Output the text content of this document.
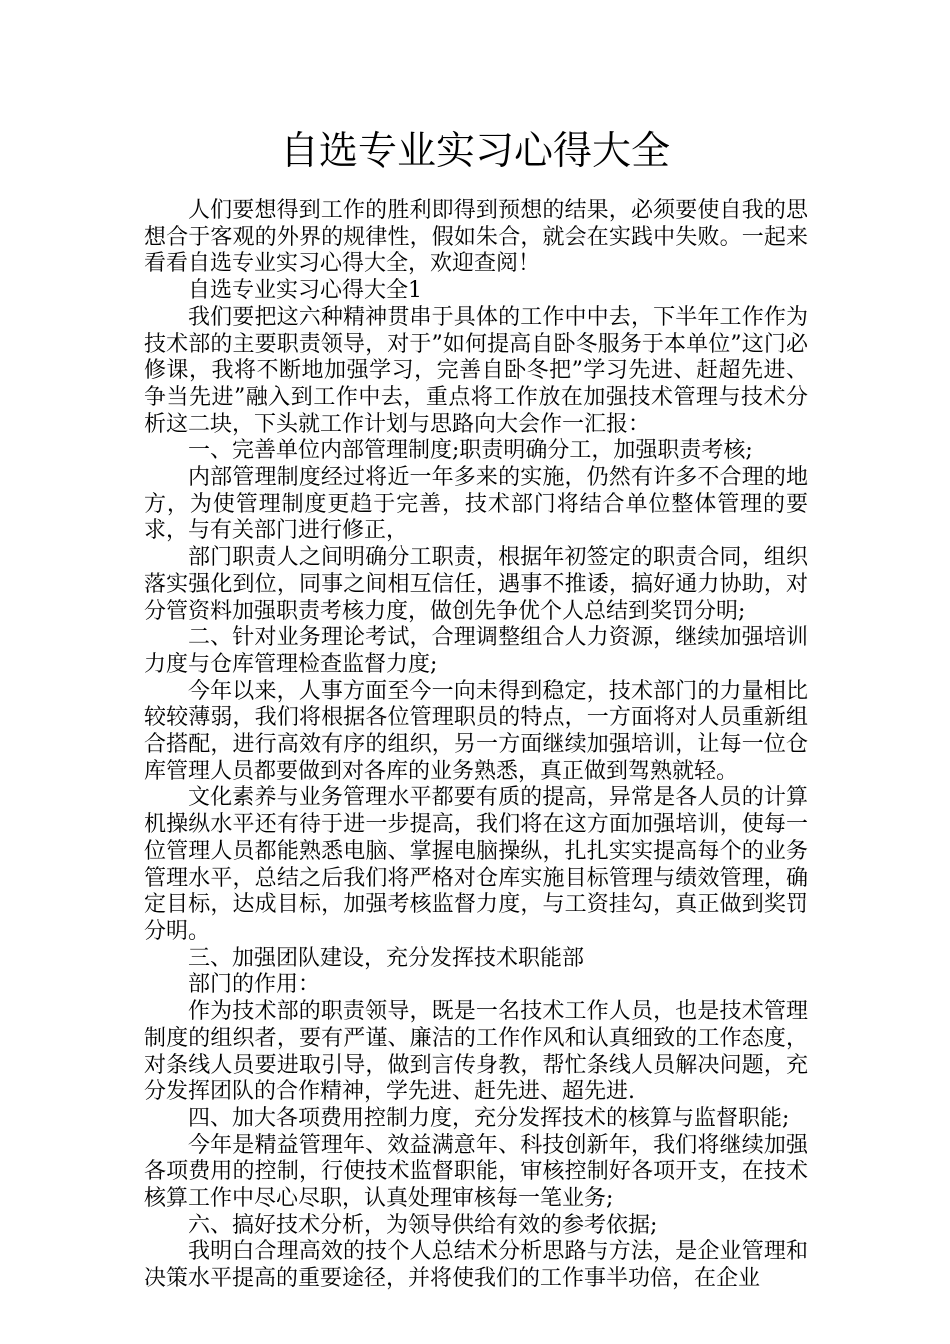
自选专业实习心得大全

人们要想得到工作的胜利即得到预想的结果，必须要使自我的思想合于客观的外界的规律性，假如朱合，就会在实践中失败。一起来看看自选专业实习心得大全，欢迎查阅！

自选专业实习心得大全1

我们要把这六种精神贯串于具体的工作中中去，下半年工作作为技术部的主要职责领导，对于”如何提高自卧冬服务于本单位”这门必修课，我将不断地加强学习，完善自卧冬把”学习先进、赶超先进、争当先进”融入到工作中去，重点将工作放在加强技术管理与技术分析这二块，下头就工作计划与思路向大会作一汇报：

一、完善单位内部管理制度;职责明确分工，加强职责考核;

内部管理制度经过将近一年多来的实施，仍然有许多不合理的地方，为使管理制度更趋于完善，技术部门将结合单位整体管理的要求，与有关部门进行修正，

部门职责人之间明确分工职责，根据年初签定的职责合同，组织落实强化到位，同事之间相互信任，遇事不推诿，搞好通力协助，对分管资料加强职责考核力度，做创先争优个人总结到奖罚分明;

二、针对业务理论考试，合理调整组合人力资源，继续加强培训力度与仓库管理检查监督力度;

今年以来，人事方面至今一向未得到稳定，技术部门的力量相比较较薄弱，我们将根据各位管理职员的特点，一方面将对人员重新组合搭配，进行高效有序的组织，另一方面继续加强培训，让每一位仓库管理人员都要做到对各库的业务熟悉，真正做到驾熟就轻。

文化素养与业务管理水平都要有质的提高，异常是各人员的计算机操纵水平还有待于进一步提高，我们将在这方面加强培训，使每一位管理人员都能熟悉电脑、掌握电脑操纵，扎扎实实提高每个的业务管理水平，总结之后我们将严格对仓库实施目标管理与绩效管理，确定目标，达成目标，加强考核监督力度，与工资挂勾，真正做到奖罚分明。

三、加强团队建设，充分发挥技术职能部

部门的作用：

作为技术部的职责领导，既是一名技术工作人员，也是技术管理制度的组织者，要有严谨、廉洁的工作作风和认真细致的工作态度，对条线人员要进取引导，做到言传身教，帮忙条线人员解决问题，充分发挥团队的合作精神，学先进、赶先进、超先进.

四、加大各项费用控制力度，充分发挥技术的核算与监督职能;

今年是精益管理年、效益满意年、科技创新年，我们将继续加强各项费用的控制，行使技术监督职能，审核控制好各项开支，在技术核算工作中尽心尽职，认真处理审核每一笔业务;

六、搞好技术分析，为领导供给有效的参考依据;

我明白合理高效的技个人总结术分析思路与方法，是企业管理和决策水平提高的重要途径，并将使我们的工作事半功倍，在企业
